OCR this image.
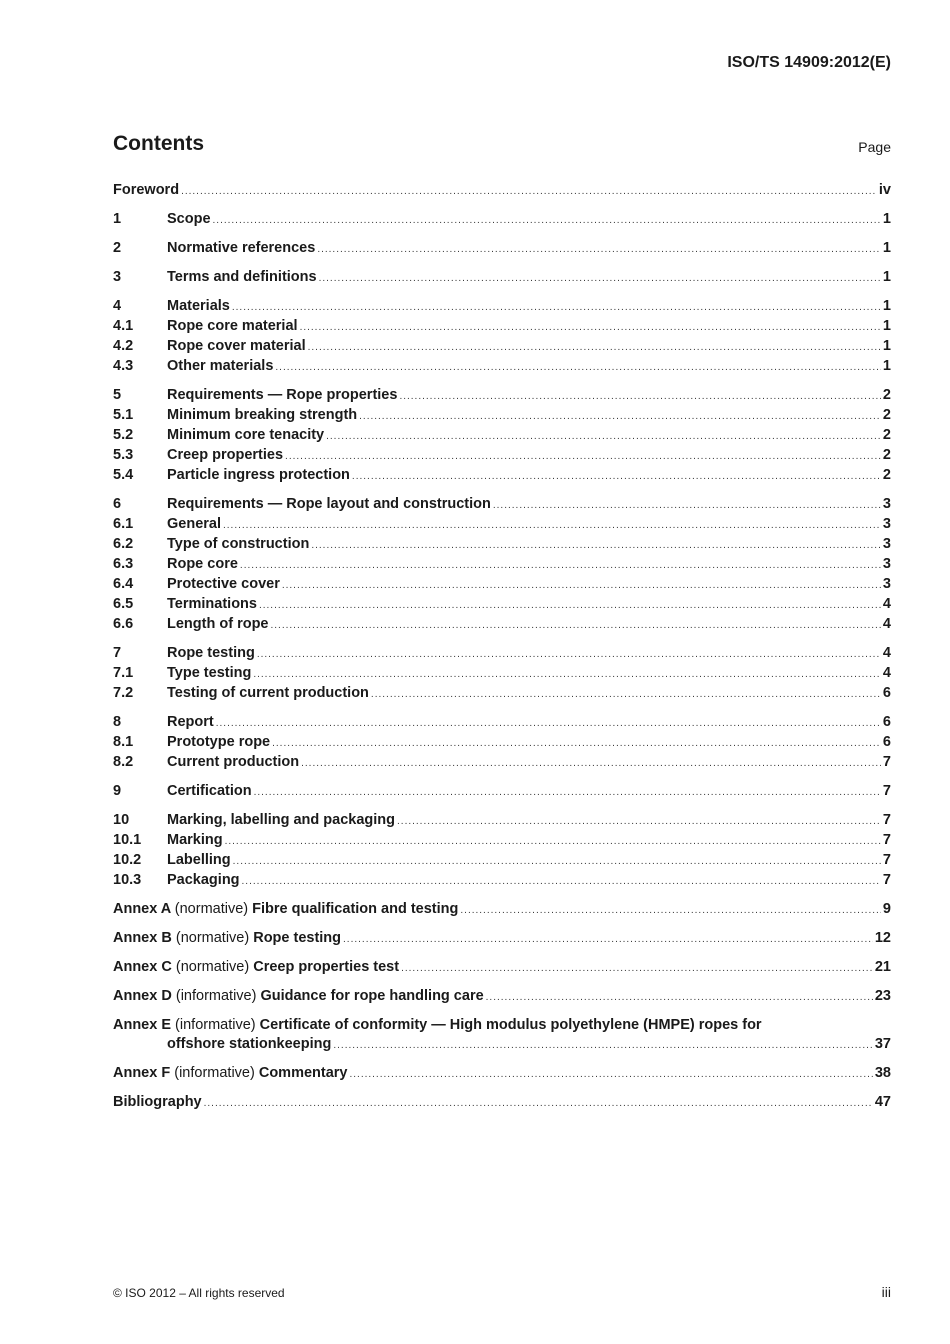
ISO/TS 14909:2012(E)
Contents	Page
Foreword .....	iv
1	Scope .....	1
2	Normative references .....	1
3	Terms and definitions .....	1
4	Materials .....	1
4.1	Rope core material .....	1
4.2	Rope cover material .....	1
4.3	Other materials .....	1
5	Requirements — Rope properties .....	2
5.1	Minimum breaking strength .....	2
5.2	Minimum core tenacity .....	2
5.3	Creep properties .....	2
5.4	Particle ingress protection .....	2
6	Requirements — Rope layout and construction .....	3
6.1	General .....	3
6.2	Type of construction .....	3
6.3	Rope core .....	3
6.4	Protective cover .....	3
6.5	Terminations .....	4
6.6	Length of rope .....	4
7	Rope testing .....	4
7.1	Type testing .....	4
7.2	Testing of current production .....	6
8	Report .....	6
8.1	Prototype rope .....	6
8.2	Current production .....	7
9	Certification .....	7
10	Marking, labelling and packaging .....	7
10.1	Marking .....	7
10.2	Labelling .....	7
10.3	Packaging .....	7
Annex A (normative) Fibre qualification and testing .....	9
Annex B (normative) Rope testing .....	12
Annex C (normative) Creep properties test .....	21
Annex D (informative) Guidance for rope handling care .....	23
Annex E (informative) Certificate of conformity — High modulus polyethylene (HMPE) ropes for
offshore stationkeeping .....	37
Annex F (informative) Commentary .....	38
Bibliography .....	47
© ISO 2012 – All rights reserved	iii
